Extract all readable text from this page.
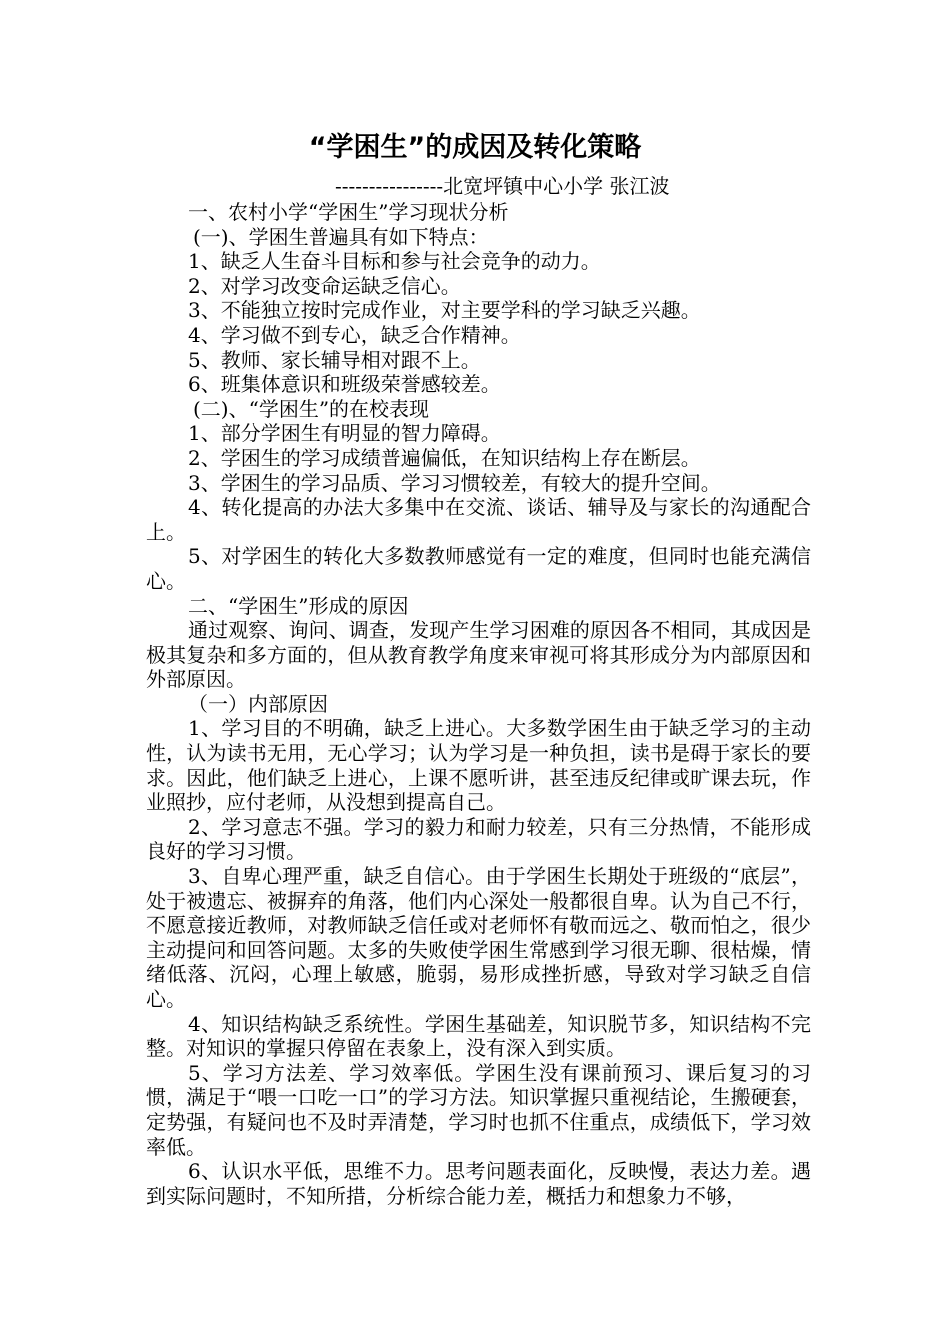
“学困生”的成因及转化策略
----------------北宽坪镇中心小学 张江波

一、农村小学“学困生”学习现状分析

(一)、学困生普遍具有如下特点：

1、缺乏人生奋斗目标和参与社会竞争的动力。

2、对学习改变命运缺乏信心。

3、不能独立按时完成作业，对主要学科的学习缺乏兴趣。

4、学习做不到专心，缺乏合作精神。

5、教师、家长辅导相对跟不上。

6、班集体意识和班级荣誉感较差。

(二)、“学困生”的在校表现

1、部分学困生有明显的智力障碍。

2、学困生的学习成绩普遍偏低，在知识结构上存在断层。

3、学困生的学习品质、学习习惯较差，有较大的提升空间。

4、转化提高的办法大多集中在交流、谈话、辅导及与家长的沟通配合上。

5、对学困生的转化大多数教师感觉有一定的难度，但同时也能充满信心。

二、“学困生”形成的原因

通过观察、询问、调查，发现产生学习困难的原因各不相同，其成因是极其复杂和多方面的，但从教育教学角度来审视可将其形成分为内部原因和外部原因。

（一）内部原因

1、学习目的不明确，缺乏上进心。大多数学困生由于缺乏学习的主动性，认为读书无用，无心学习；认为学习是一种负担，读书是碍于家长的要求。因此，他们缺乏上进心，上课不愿听讲，甚至违反纪律或旷课去玩，作业照抄，应付老师，从没想到提高自己。

2、学习意志不强。学习的毅力和耐力较差，只有三分热情，不能形成良好的学习习惯。

3、自卑心理严重，缺乏自信心。由于学困生长期处于班级的“底层”，处于被遗忘、被摒弃的角落，他们内心深处一般都很自卑。认为自己不行，不愿意接近教师，对教师缺乏信任或对老师怀有敬而远之、敬而怕之，很少主动提问和回答问题。太多的失败使学困生常感到学习很无聊、很枯燥，情绪低落、沉闷，心理上敏感，脆弱，易形成挫折感，导致对学习缺乏自信心。

4、知识结构缺乏系统性。学困生基础差，知识脱节多，知识结构不完整。对知识的掌握只停留在表象上，没有深入到实质。

5、学习方法差、学习效率低。学困生没有课前预习、课后复习的习惯，满足于“喂一口吃一口”的学习方法。知识掌握只重视结论，生搬硬套，定势强，有疑问也不及时弄清楚，学习时也抓不住重点，成绩低下，学习效率低。

6、认识水平低，思维不力。思考问题表面化，反映慢，表达力差。遇到实际问题时，不知所措，分析综合能力差，概括力和想象力不够，
